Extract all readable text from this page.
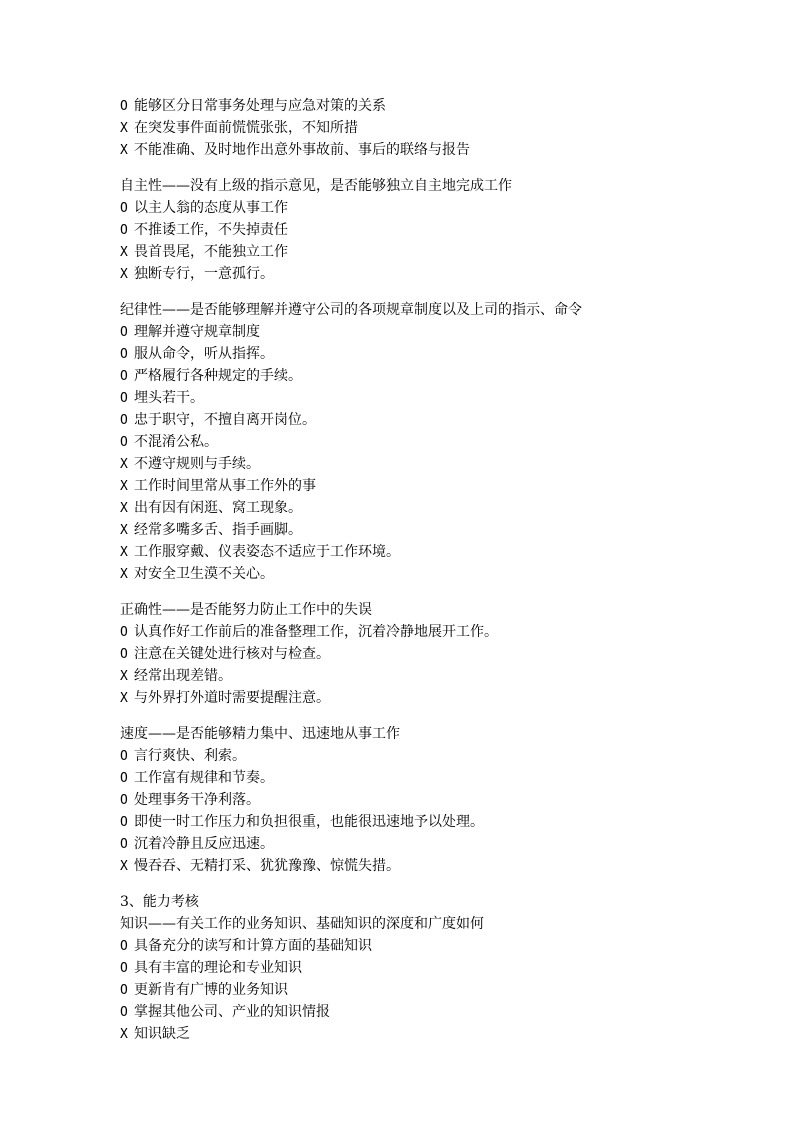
O 能够区分日常事务处理与应急对策的关系
X 在突发事件面前慌慌张张，不知所措
X 不能准确、及时地作出意外事故前、事后的联络与报告
自主性——没有上级的指示意见，是否能够独立自主地完成工作
O 以主人翁的态度从事工作
O 不推诿工作，不失掉责任
X 畏首畏尾，不能独立工作
X 独断专行，一意孤行。
纪律性——是否能够理解并遵守公司的各项规章制度以及上司的指示、命令
O 理解并遵守规章制度
O 服从命令，听从指挥。
O 严格履行各种规定的手续。
O 埋头若干。
O 忠于职守，不擅自离开岗位。
O 不混淆公私。
X 不遵守规则与手续。
X 工作时间里常从事工作外的事
X 出有因有闲逛、窝工现象。
X 经常多嘴多舌、指手画脚。
X 工作服穿戴、仪表姿态不适应于工作环境。
X 对安全卫生漠不关心。
正确性——是否能努力防止工作中的失误
O 认真作好工作前后的准备整理工作，沉着冷静地展开工作。
O 注意在关键处进行核对与检查。
X 经常出现差错。
X 与外界打外道时需要提醒注意。
速度——是否能够精力集中、迅速地从事工作
O 言行爽快、利索。
O 工作富有规律和节奏。
O 处理事务干净利落。
O 即使一时工作压力和负担很重，也能很迅速地予以处理。
O 沉着冷静且反应迅速。
X 慢吞吞、无精打采、犹犹豫豫、惊慌失措。
3、能力考核
知识——有关工作的业务知识、基础知识的深度和广度如何
O 具备充分的读写和计算方面的基础知识
O 具有丰富的理论和专业知识
O 更新肯有广博的业务知识
O 掌握其他公司、产业的知识情报
X 知识缺乏
